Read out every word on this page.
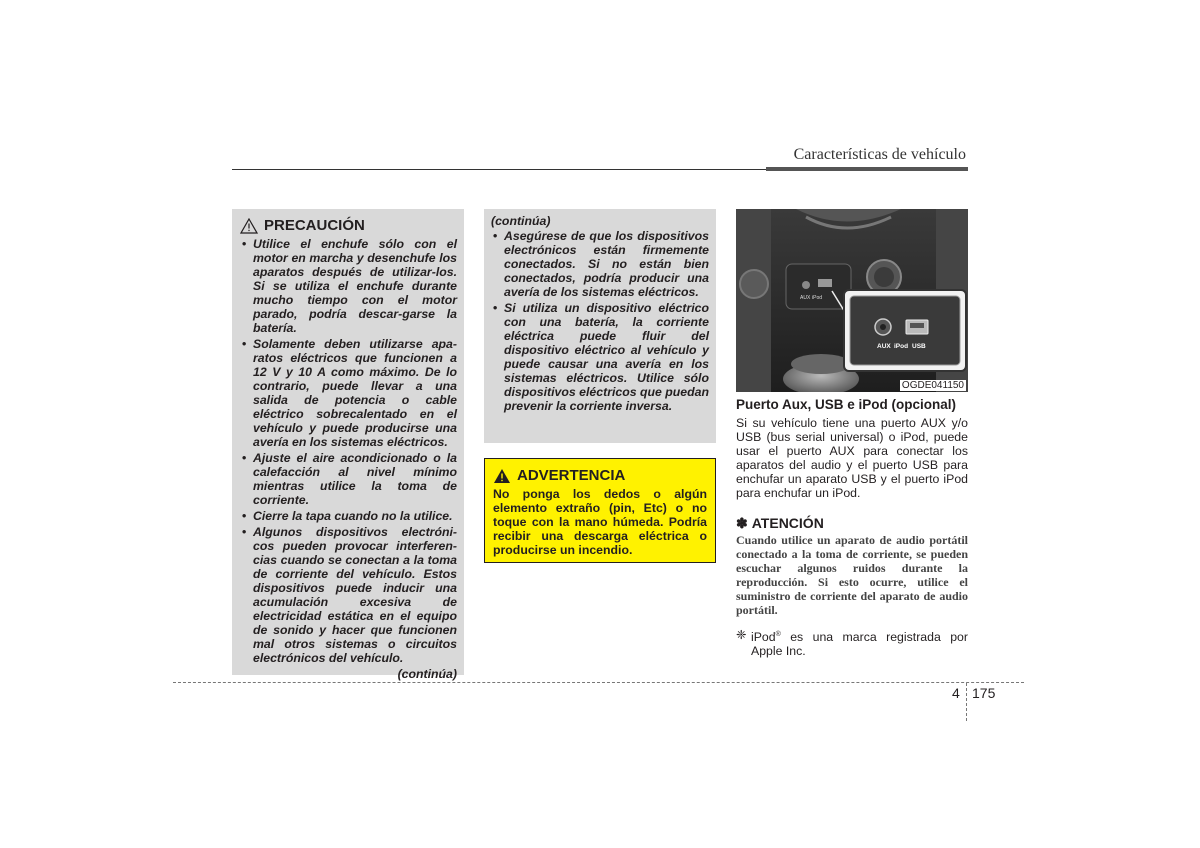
Características de vehículo
PRECAUCIÓN
• Utilice el enchufe sólo con el motor en marcha y desenchufe los aparatos después de utilizar-los. Si se utiliza el enchufe durante mucho tiempo con el motor parado, podría descar-garse la batería.
• Solamente deben utilizarse apa-ratos eléctricos que funcionen a 12 V y 10 A como máximo. De lo contrario, puede llevar a una salida de potencia o cable eléctrico sobrecalentado en el vehículo y puede producirse una avería en los sistemas eléctricos.
• Ajuste el aire acondicionado o la calefacción al nivel mínimo mientras utilice la toma de corriente.
• Cierre la tapa cuando no la utilice.
• Algunos dispositivos electróni-cos pueden provocar interferen-cias cuando se conectan a la toma de corriente del vehículo. Estos dispositivos puede inducir una acumulación excesiva de electricidad estática en el equipo de sonido y hacer que funcionen mal otros sistemas o circuitos electrónicos del vehículo.
(continúa)
(continúa)
• Asegúrese de que los dispositivos electrónicos están firmemente conectados. Si no están bien conectados, podría producir una avería de los sistemas eléctricos.
• Si utiliza un dispositivo eléctrico con una batería, la corriente eléctrica puede fluir del dispositivo eléctrico al vehículo y puede causar una avería en los sistemas eléctricos. Utilice sólo dispositivos eléctricos que puedan prevenir la corriente inversa.
ADVERTENCIA
No ponga los dedos o algún elemento extraño (pin, Etc) o no toque con la mano húmeda. Podría recibir una descarga eléctrica o producirse un incendio.
AUX iPod
AUX iPod USB
OGDE041150
Puerto Aux, USB e iPod (opcional)

Si su vehículo tiene una puerto AUX y/o USB (bus serial universal) o iPod, puede usar el puerto AUX para conectar los aparatos del audio y el puerto USB para enchufar un aparato USB y el puerto iPod para enchufar un iPod.

✽ ATENCIÓN
Cuando utilice un aparato de audio portátil conectado a la toma de corriente, se pueden escuchar algunos ruidos durante la reproducción. Si esto ocurre, utilice el suministro de corriente del aparato de audio portátil.
❈ iPod® es una marca registrada por Apple Inc.
4 175
